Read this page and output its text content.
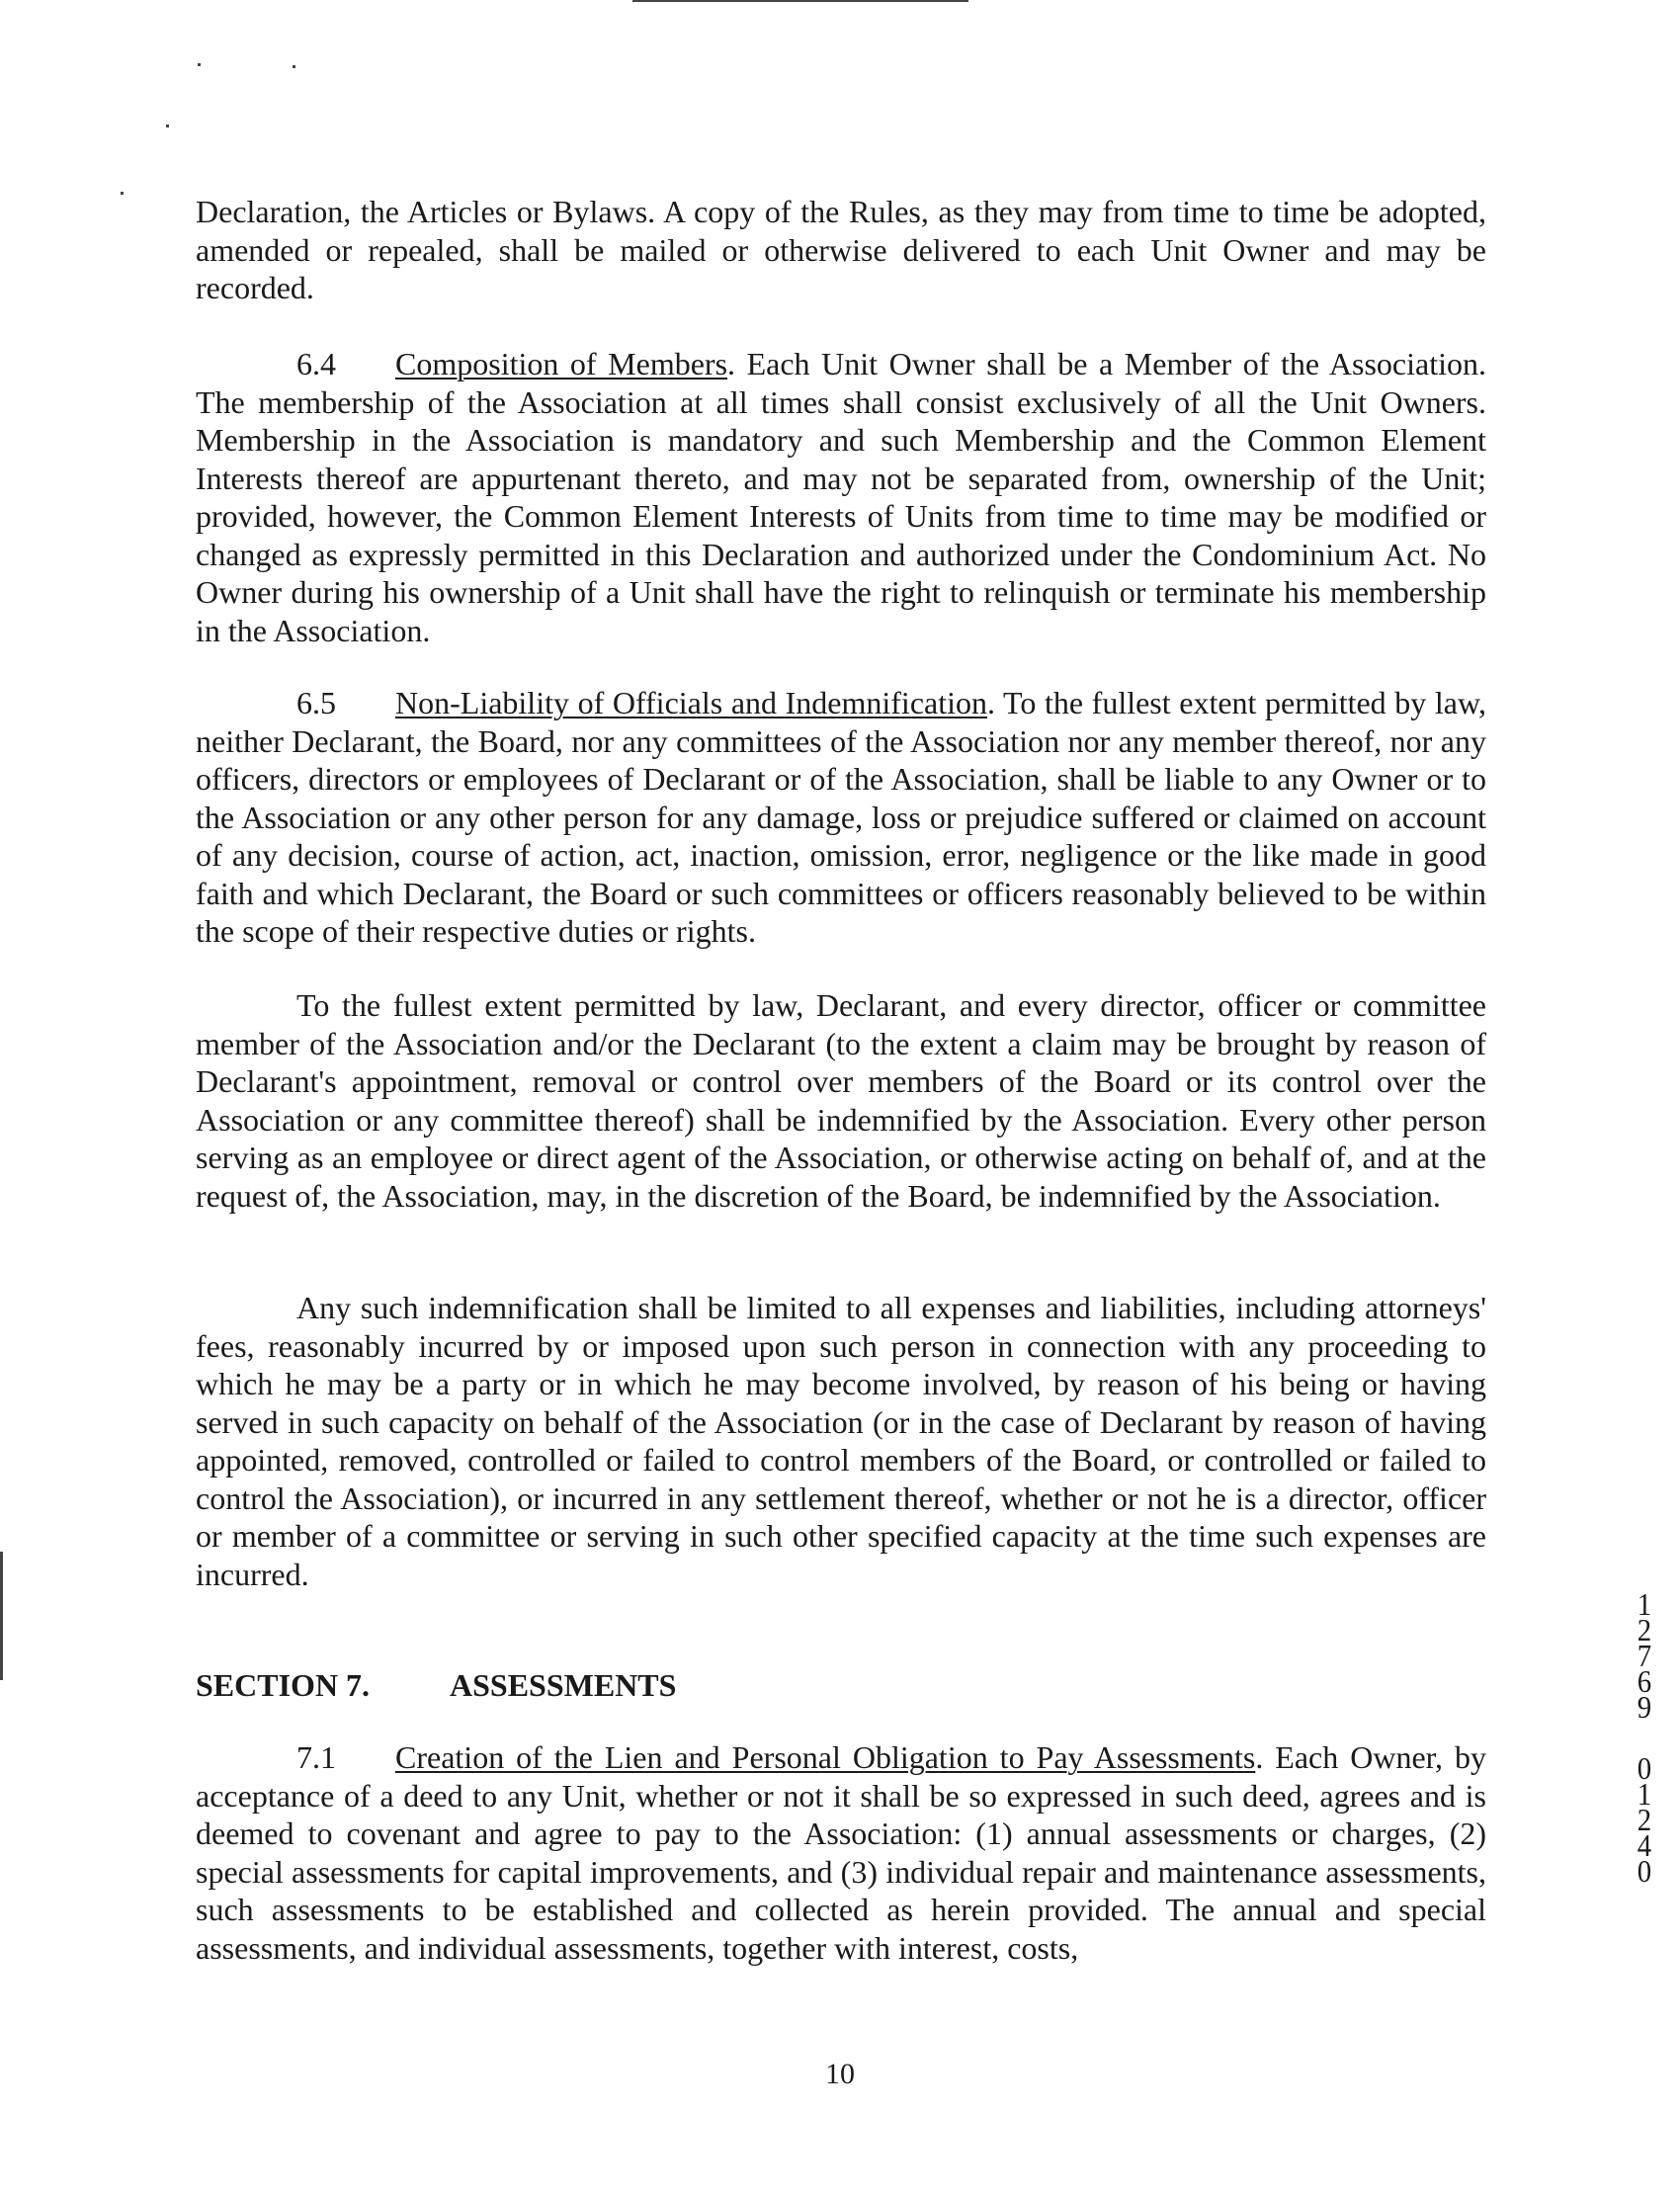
Declaration, the Articles or Bylaws. A copy of the Rules, as they may from time to time be adopted, amended or repealed, shall be mailed or otherwise delivered to each Unit Owner and may be recorded.

6.4 Composition of Members. Each Unit Owner shall be a Member of the Association. The membership of the Association at all times shall consist exclusively of all the Unit Owners. Membership in the Association is mandatory and such Membership and the Common Element Interests thereof are appurtenant thereto, and may not be separated from, ownership of the Unit; provided, however, the Common Element Interests of Units from time to time may be modified or changed as expressly permitted in this Declaration and authorized under the Condominium Act. No Owner during his ownership of a Unit shall have the right to relinquish or terminate his membership in the Association.

6.5 Non-Liability of Officials and Indemnification. To the fullest extent permitted by law, neither Declarant, the Board, nor any committees of the Association nor any member thereof, nor any officers, directors or employees of Declarant or of the Association, shall be liable to any Owner or to the Association or any other person for any damage, loss or prejudice suffered or claimed on account of any decision, course of action, act, inaction, omission, error, negligence or the like made in good faith and which Declarant, the Board or such committees or officers reasonably believed to be within the scope of their respective duties or rights.

To the fullest extent permitted by law, Declarant, and every director, officer or committee member of the Association and/or the Declarant (to the extent a claim may be brought by reason of Declarant's appointment, removal or control over members of the Board or its control over the Association or any committee thereof) shall be indemnified by the Association. Every other person serving as an employee or direct agent of the Association, or otherwise acting on behalf of, and at the request of, the Association, may, in the discretion of the Board, be indemnified by the Association.

Any such indemnification shall be limited to all expenses and liabilities, including attorneys' fees, reasonably incurred by or imposed upon such person in connection with any proceeding to which he may be a party or in which he may become involved, by reason of his being or having served in such capacity on behalf of the Association (or in the case of Declarant by reason of having appointed, removed, controlled or failed to control members of the Board, or controlled or failed to control the Association), or incurred in any settlement thereof, whether or not he is a director, officer or member of a committee or serving in such other specified capacity at the time such expenses are incurred.

SECTION 7.	ASSESSMENTS

7.1 Creation of the Lien and Personal Obligation to Pay Assessments. Each Owner, by acceptance of a deed to any Unit, whether or not it shall be so expressed in such deed, agrees and is deemed to covenant and agree to pay to the Association: (1) annual assessments or charges, (2) special assessments for capital improvements, and (3) individual repair and maintenance assessments, such assessments to be established and collected as herein provided. The annual and special assessments, and individual assessments, together with interest, costs,

10

1
2
7
6
9
0
1
2
4
0
